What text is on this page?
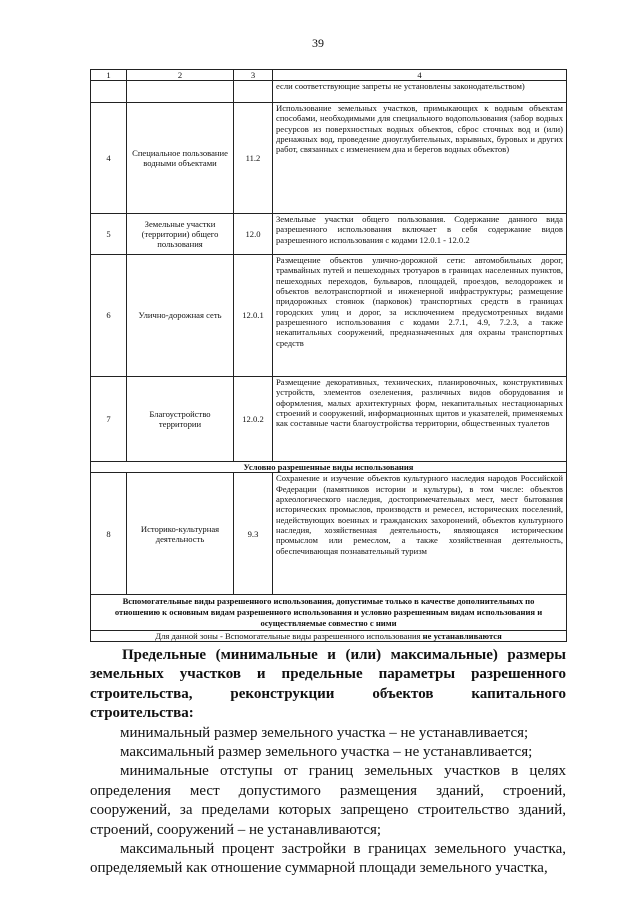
39
1	2	3	4
			если соответствующие запреты не установлены законодательством)
4	Специальное пользование водными объектами	11.2	Использование земельных участков, примыкающих к водным объектам способами, необходимыми для специального водопользования (забор водных ресурсов из поверхностных водных объектов, сброс сточных вод и (или) дренажных вод, проведение дноуглубительных, взрывных, буровых и других работ, связанных с изменением дна и берегов водных объектов)
5	Земельные участки (территории) общего пользования	12.0	Земельные участки общего пользования. Содержание данного вида разрешенного использования включает в себя содержание видов разрешенного использования с кодами 12.0.1 - 12.0.2
6	Улично-дорожная сеть	12.0.1	Размещение объектов улично-дорожной сети: автомобильных дорог, трамвайных путей и пешеходных тротуаров в границах населенных пунктов, пешеходных переходов, бульваров, площадей, проездов, велодорожек и объектов велотранспортной и инженерной инфраструктуры; размещение придорожных стоянок (парковок) транспортных средств в границах городских улиц и дорог, за исключением предусмотренных видами разрешенного использования с кодами 2.7.1, 4.9, 7.2.3, а также некапитальных сооружений, предназначенных для охраны транспортных средств
7	Благоустройство территории	12.0.2	Размещение декоративных, технических, планировочных, конструктивных устройств, элементов озеленения, различных видов оборудования и оформления, малых архитектурных форм, некапитальных нестационарных строений и сооружений, информационных щитов и указателей, применяемых как составные части благоустройства территории, общественных туалетов
Условно разрешенные виды использования			
8	Историко-культурная деятельность	9.3	Сохранение и изучение объектов культурного наследия народов Российской Федерации (памятников истории и культуры), в том числе: объектов археологического наследия, достопримечательных мест, мест бытования исторических промыслов, производств и ремесел, исторических поселений, недействующих военных и гражданских захоронений, объектов культурного наследия, хозяйственная деятельность, являющаяся историческим промыслом или ремеслом, а также хозяйственная деятельность, обеспечивающая познавательный туризм
Вспомогательные виды разрешенного использования, допустимые только в качестве дополнительных по отношению к основным видам разрешенного использования и условно разрешенным видам использования и осуществляемые совместно с ними			
Для данной зоны - Вспомогательные виды разрешенного использования не устанавливаются			

Предельные (минимальные и (или) максимальные) размеры земельных участков и предельные параметры разрешенного строительства, реконструкции объектов капитального строительства:

минимальный размер земельного участка – не устанавливается;

максимальный размер земельного участка – не устанавливается;

минимальные отступы от границ земельных участков в целях определения мест допустимого размещения зданий, строений, сооружений, за пределами которых запрещено строительство зданий, строений, сооружений – не устанавливаются;

максимальный процент застройки в границах земельного участка, определяемый как отношение суммарной площади земельного участка,
